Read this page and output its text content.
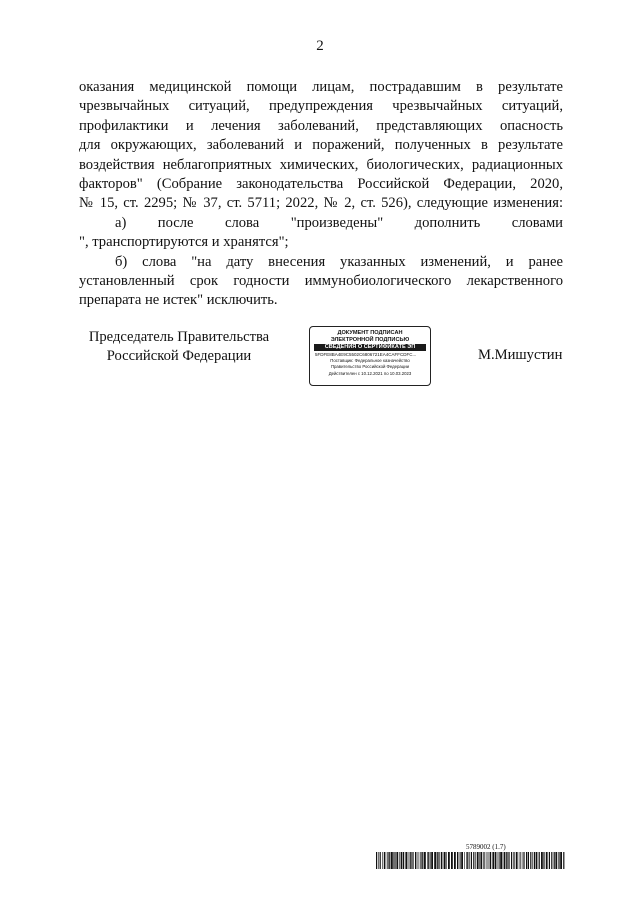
2

оказания медицинской помощи лицам, пострадавшим в результате
чрезвычайных ситуаций, предупреждения чрезвычайных ситуаций,
профилактики и лечения заболеваний, представляющих опасность
для окружающих, заболеваний и поражений, полученных в результате
воздействия неблагоприятных химических, биологических, радиационных
факторов" (Собрание законодательства Российской Федерации, 2020,
№ 15, ст. 2295; № 37, ст. 5711; 2022, № 2, ст. 526), следующие изменения:

а) после слова "произведены" дополнить словами
", транспортируются и хранятся";

б) слова "на дату внесения указанных изменений, и ранее
установленный срок годности иммунобиологического лекарственного
препарата не истек" исключить.

Председатель Правительства
Российской Федерации
ДОКУМЕНТ ПОДПИСАН
ЭЛЕКТРОННОЙ ПОДПИСЬЮ
СВЕДЕНИЯ О СЕРТИФИКАТЕ ЭП
5FDFE8BA4E9C5502C6806721EA4CAFFCDFC...
Поставщик: Федеральное казначейство
Правительство Российской Федерации
Действителен с 10.12.2021 по 10.03.2023
М.Мишустин
5789002 (1.7)
